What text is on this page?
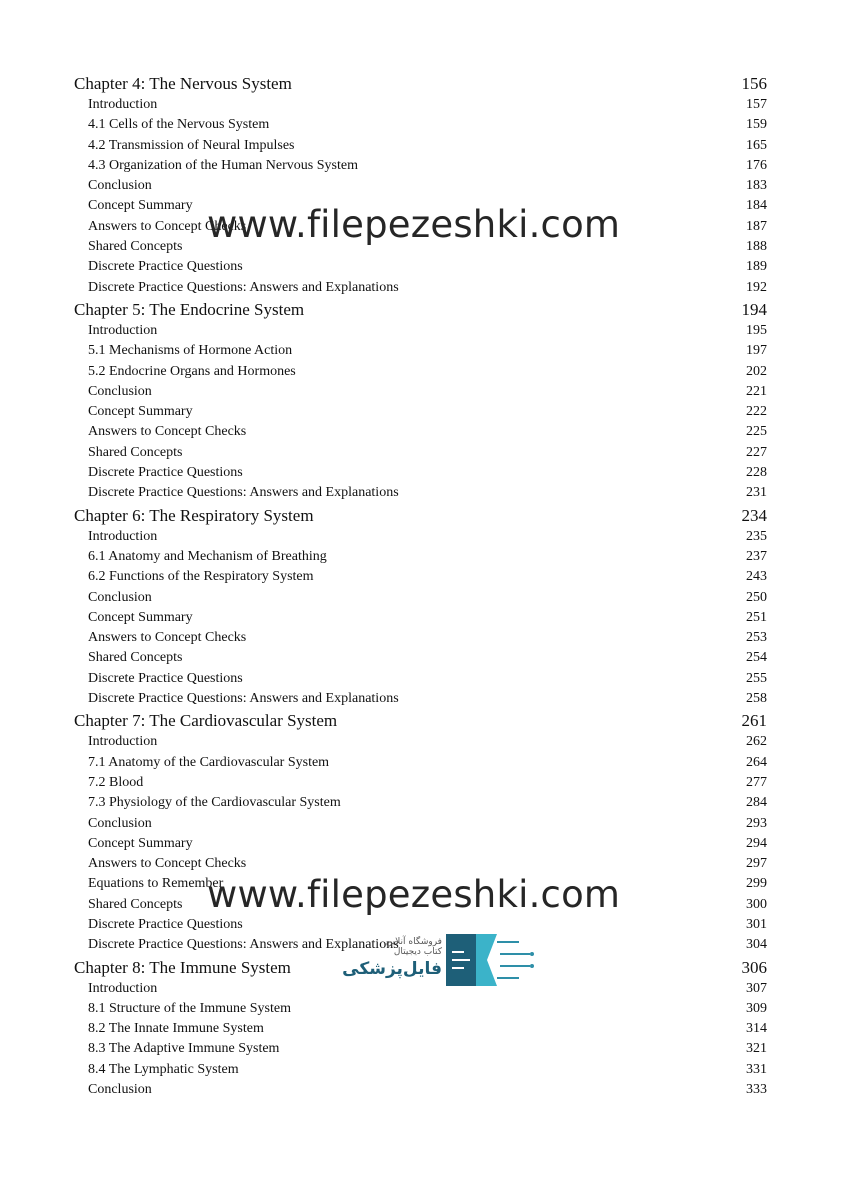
Chapter 4: The Nervous System	156
Introduction	157
4.1 Cells of the Nervous System	159
4.2 Transmission of Neural Impulses	165
4.3 Organization of the Human Nervous System	176
Conclusion	183
Concept Summary	184
Answers to Concept Checks	187
Shared Concepts	188
Discrete Practice Questions	189
Discrete Practice Questions: Answers and Explanations	192
Chapter 5: The Endocrine System	194
Introduction	195
5.1 Mechanisms of Hormone Action	197
5.2 Endocrine Organs and Hormones	202
Conclusion	221
Concept Summary	222
Answers to Concept Checks	225
Shared Concepts	227
Discrete Practice Questions	228
Discrete Practice Questions: Answers and Explanations	231
Chapter 6: The Respiratory System	234
Introduction	235
6.1 Anatomy and Mechanism of Breathing	237
6.2 Functions of the Respiratory System	243
Conclusion	250
Concept Summary	251
Answers to Concept Checks	253
Shared Concepts	254
Discrete Practice Questions	255
Discrete Practice Questions: Answers and Explanations	258
Chapter 7: The Cardiovascular System	261
Introduction	262
7.1 Anatomy of the Cardiovascular System	264
7.2 Blood	277
7.3 Physiology of the Cardiovascular System	284
Conclusion	293
Concept Summary	294
Answers to Concept Checks	297
Equations to Remember	299
Shared Concepts	300
Discrete Practice Questions	301
Discrete Practice Questions: Answers and Explanations	304
Chapter 8: The Immune System	306
Introduction	307
8.1 Structure of the Immune System	309
8.2 The Innate Immune System	314
8.3 The Adaptive Immune System	321
8.4 The Lymphatic System	331
Conclusion	333
www.filepezeshki.com
www.filepezeshki.com
فروشگاه آنلاین
کتاب دیجیتال
فایل‌پزشکی
